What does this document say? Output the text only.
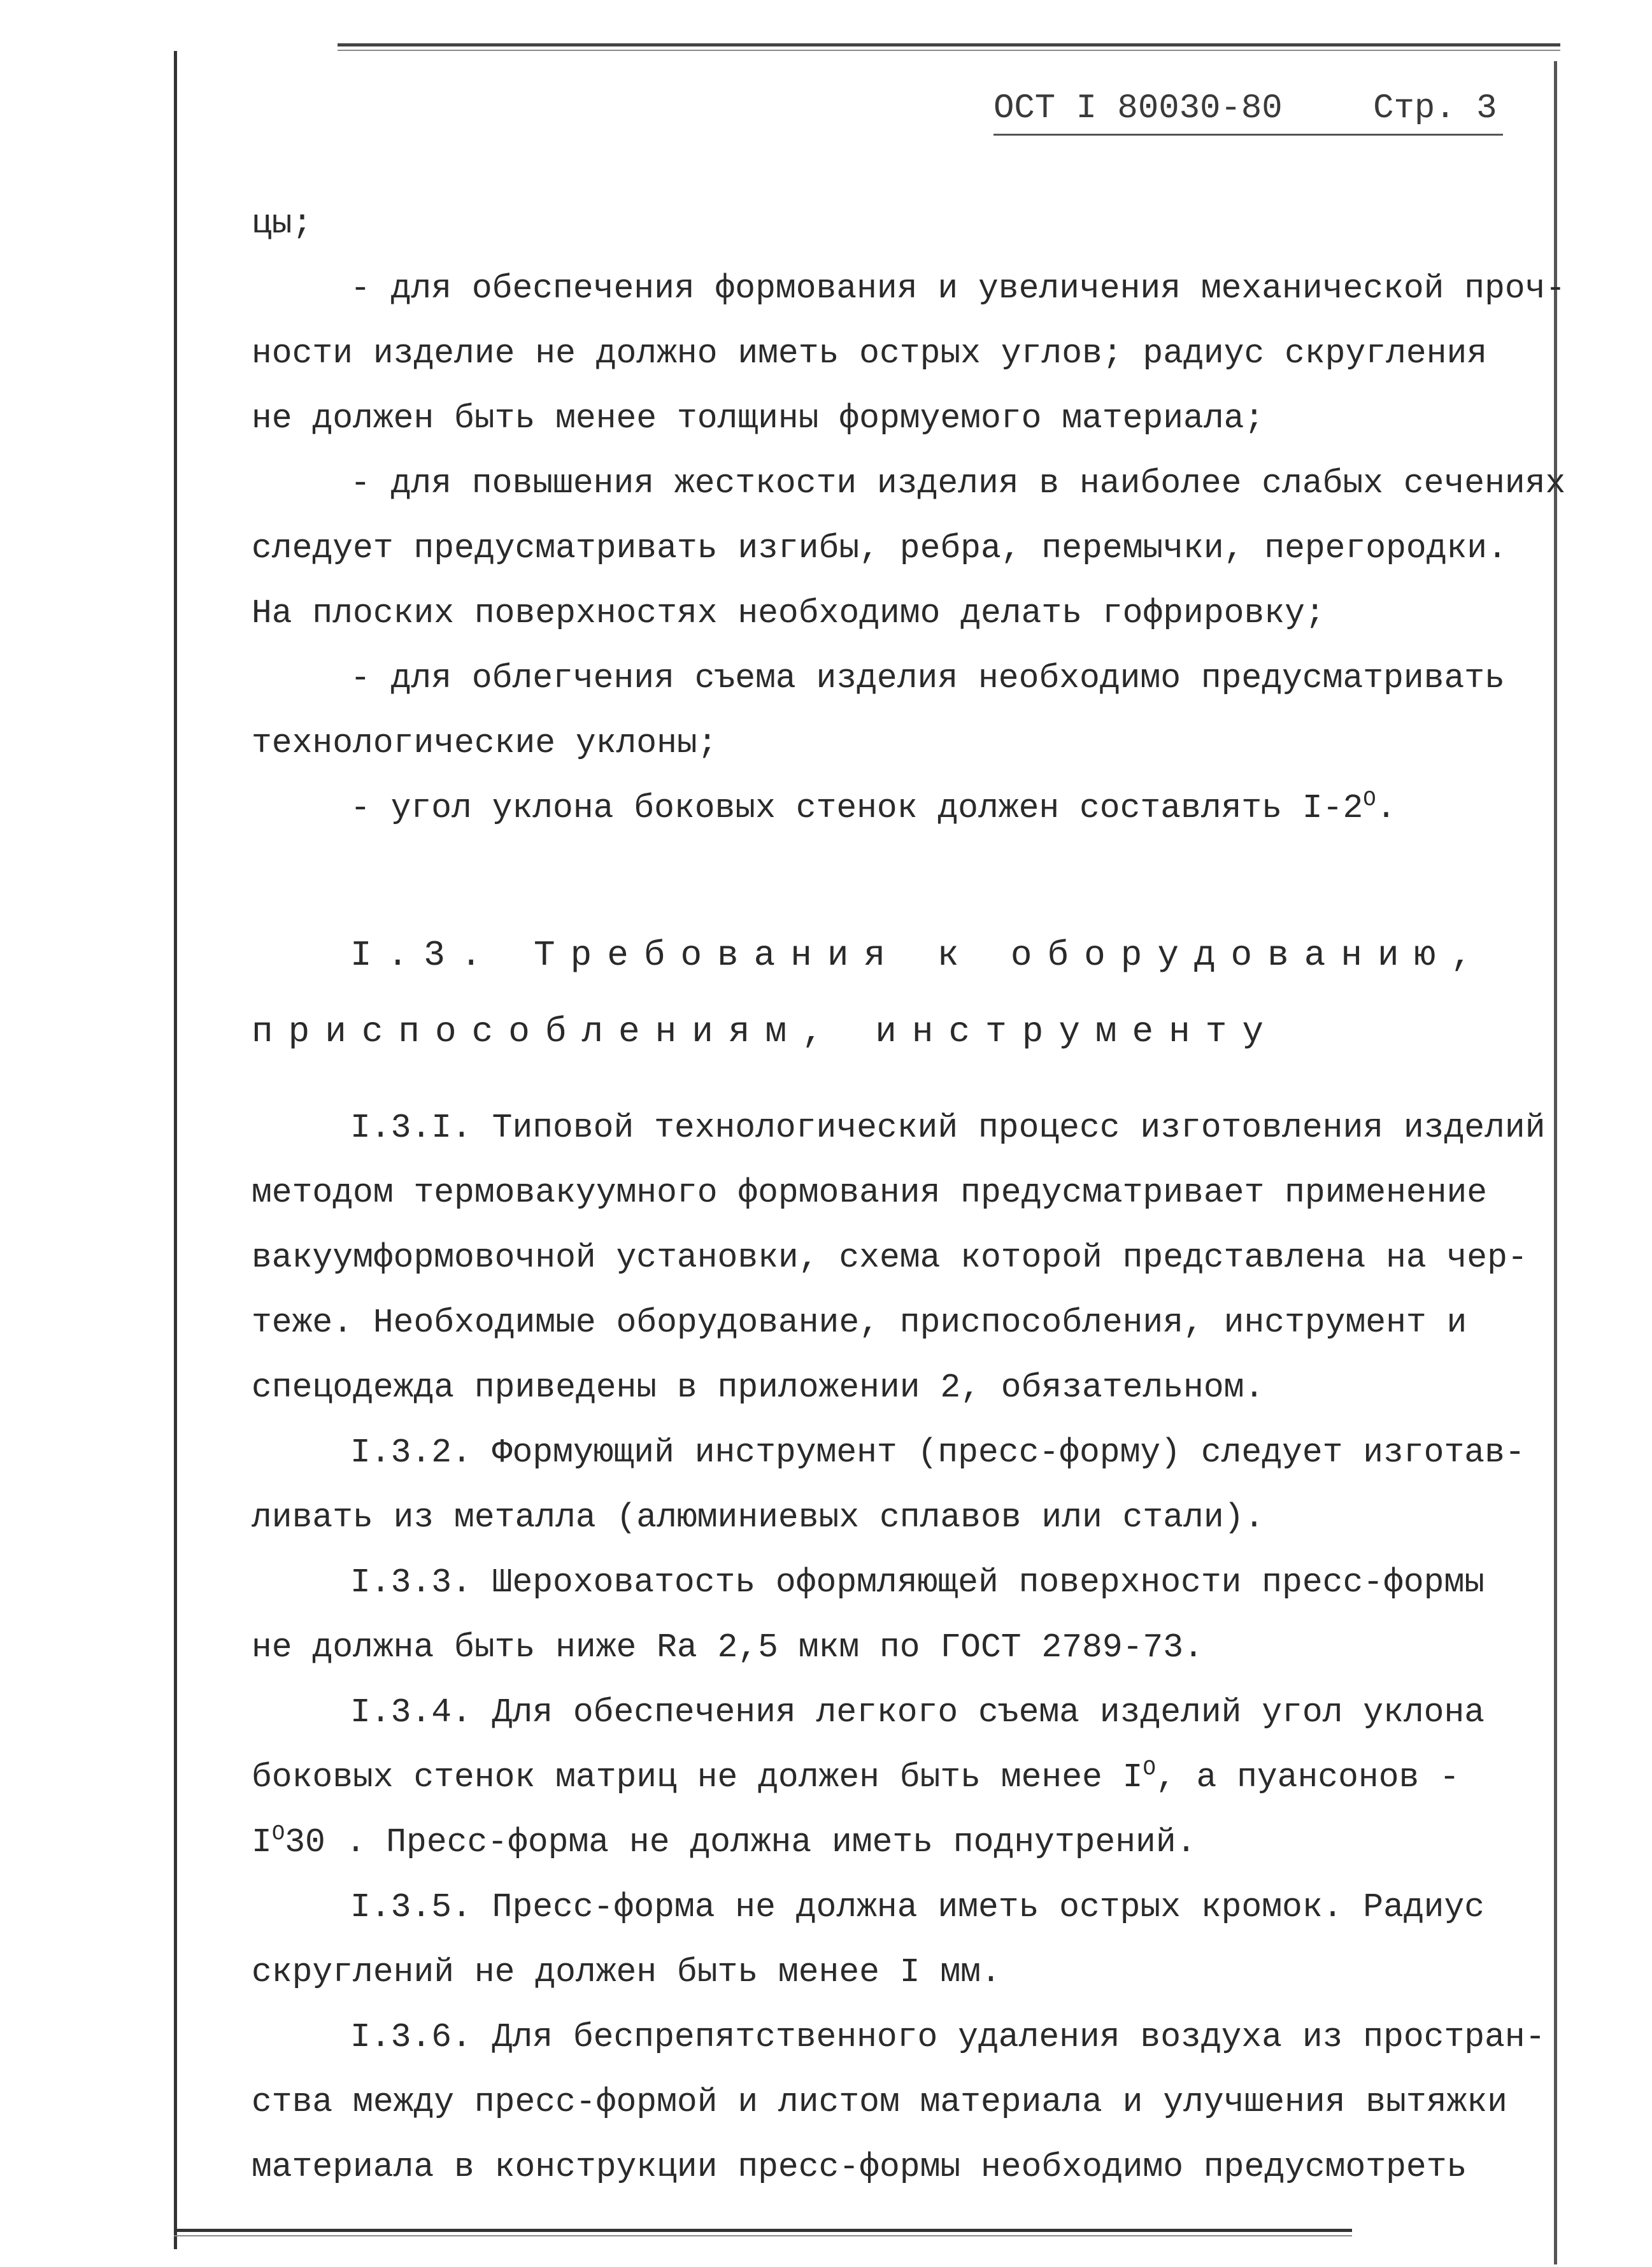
ОСТ I 80030-80	Стр. 3
цы;
- для обеспечения формования и увеличения механической проч-
ности изделие не должно иметь острых углов; радиус скругления
не должен быть менее толщины формуемого материала;
- для повышения жесткости изделия в наиболее слабых сечениях
следует предусматривать изгибы, ребра, перемычки, перегородки.
На плоских поверхностях необходимо делать гофрировку;
- для облегчения съема изделия необходимо предусматривать
технологические уклоны;
- угол уклона боковых стенок должен составлять $I-2^О$.
I.3. Требования к оборудованию,
приспособлениям, инструменту
I.3.I. Типовой технологический процесс изготовления изделий
методом термовакуумного формования предусматривает применение
вакуумформовочной установки, схема которой представлена на чер-
теже. Необходимые оборудование, приспособления, инструмент и
спецодежда приведены в приложении 2, обязательном.
I.3.2. Формующий инструмент (пресс-форму) следует изготав-
ливать из металла (алюминиевых сплавов или стали).
I.3.3. Шероховатость оформляющей поверхности пресс-формы
не должна быть ниже Ra 2,5 мкм по ГОСТ 2789-73.
I.3.4. Для обеспечения легкого съема изделий угол уклона
боковых стенок матриц не должен быть менее $I^О$, а пуансонов -
$I^О30$ . Пресс-форма не должна иметь поднутрений.
I.3.5. Пресс-форма не должна иметь острых кромок. Радиус
скруглений не должен быть менее I мм.
I.3.6. Для беспрепятственного удаления воздуха из простран-
ства между пресс-формой и листом материала и улучшения вытяжки
материала в конструкции пресс-формы необходимо предусмотреть
